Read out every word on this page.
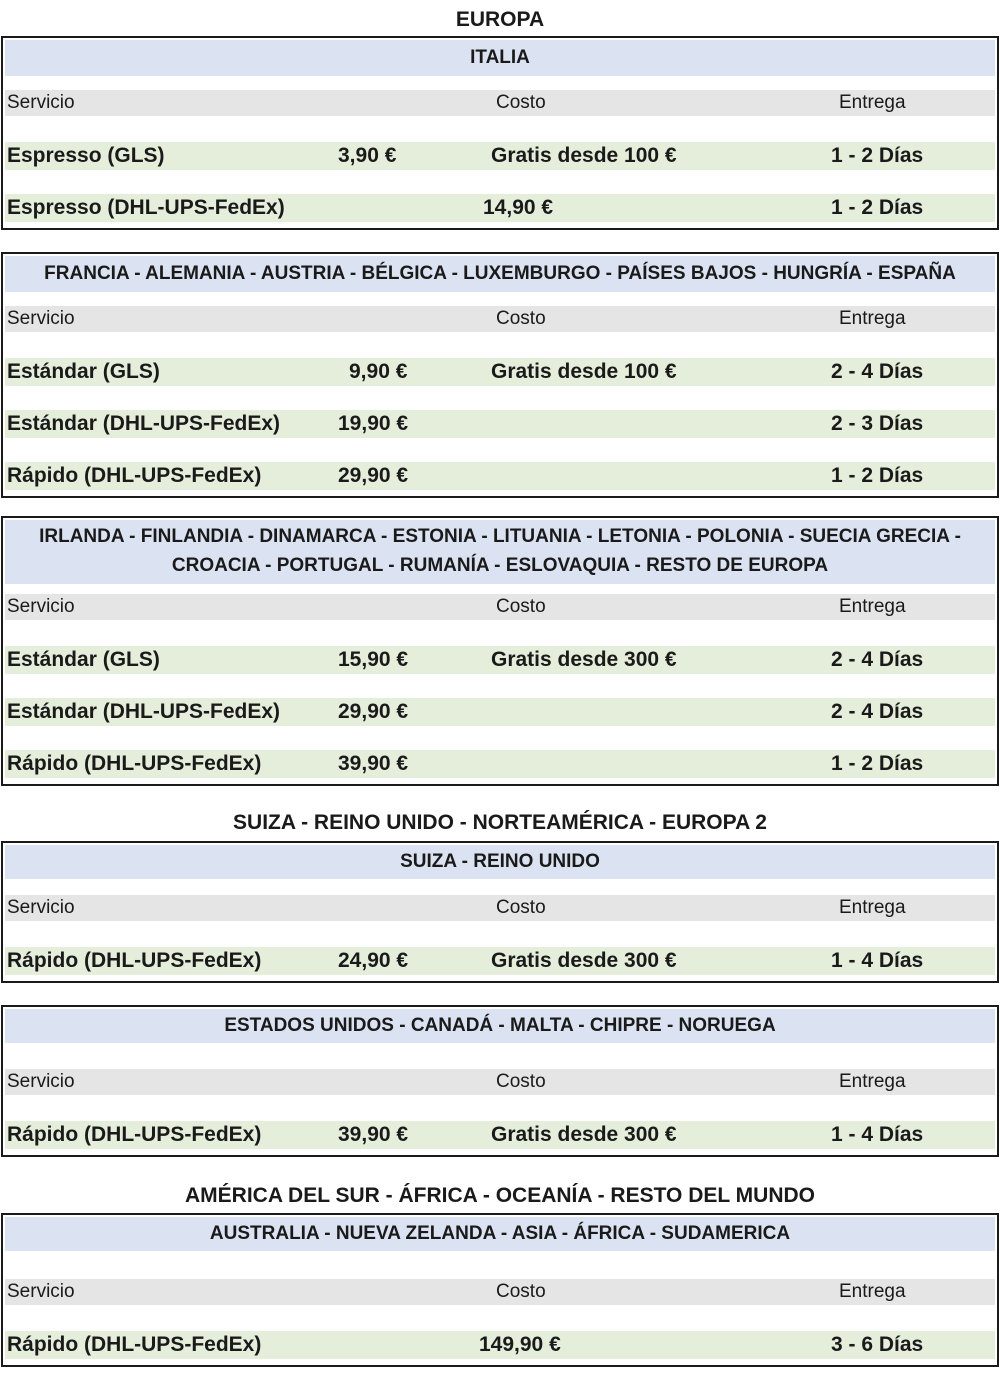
EUROPA
ITALIA
Servicio	Costo	Entrega
Espresso (GLS)	3,90 €	Gratis desde 100 €	1 - 2 Días
Espresso (DHL-UPS-FedEx)	14,90 €	1 - 2 Días
FRANCIA - ALEMANIA - AUSTRIA - BÉLGICA - LUXEMBURGO - PAÍSES BAJOS - HUNGRÍA - ESPAÑA
Servicio	Costo	Entrega
Estándar (GLS)	9,90 €	Gratis desde 100 €	2 - 4 Días
Estándar (DHL-UPS-FedEx)	19,90 €	2 - 3 Días
Rápido (DHL-UPS-FedEx)	29,90 €	1 - 2 Días
IRLANDA - FINLANDIA - DINAMARCA - ESTONIA - LITUANIA - LETONIA - POLONIA - SUECIA GRECIA -
CROACIA - PORTUGAL - RUMANÍA - ESLOVAQUIA - RESTO DE EUROPA
Servicio	Costo	Entrega
Estándar (GLS)	15,90 €	Gratis desde 300 €	2 - 4 Días
Estándar (DHL-UPS-FedEx)	29,90 €	2 - 4 Días
Rápido (DHL-UPS-FedEx)	39,90 €	1 - 2 Días
SUIZA - REINO UNIDO - NORTEAMÉRICA - EUROPA 2
SUIZA - REINO UNIDO
Servicio	Costo	Entrega
Rápido (DHL-UPS-FedEx)	24,90 €	Gratis desde 300 €	1 - 4 Días
ESTADOS UNIDOS - CANADÁ - MALTA - CHIPRE - NORUEGA
Servicio	Costo	Entrega
Rápido (DHL-UPS-FedEx)	39,90 €	Gratis desde 300 €	1 - 4 Días
AMÉRICA DEL SUR - ÁFRICA - OCEANÍA - RESTO DEL MUNDO
AUSTRALIA - NUEVA ZELANDA - ASIA - ÁFRICA - SUDAMERICA
Servicio	Costo	Entrega
Rápido (DHL-UPS-FedEx)	149,90 €	3 - 6 Días
